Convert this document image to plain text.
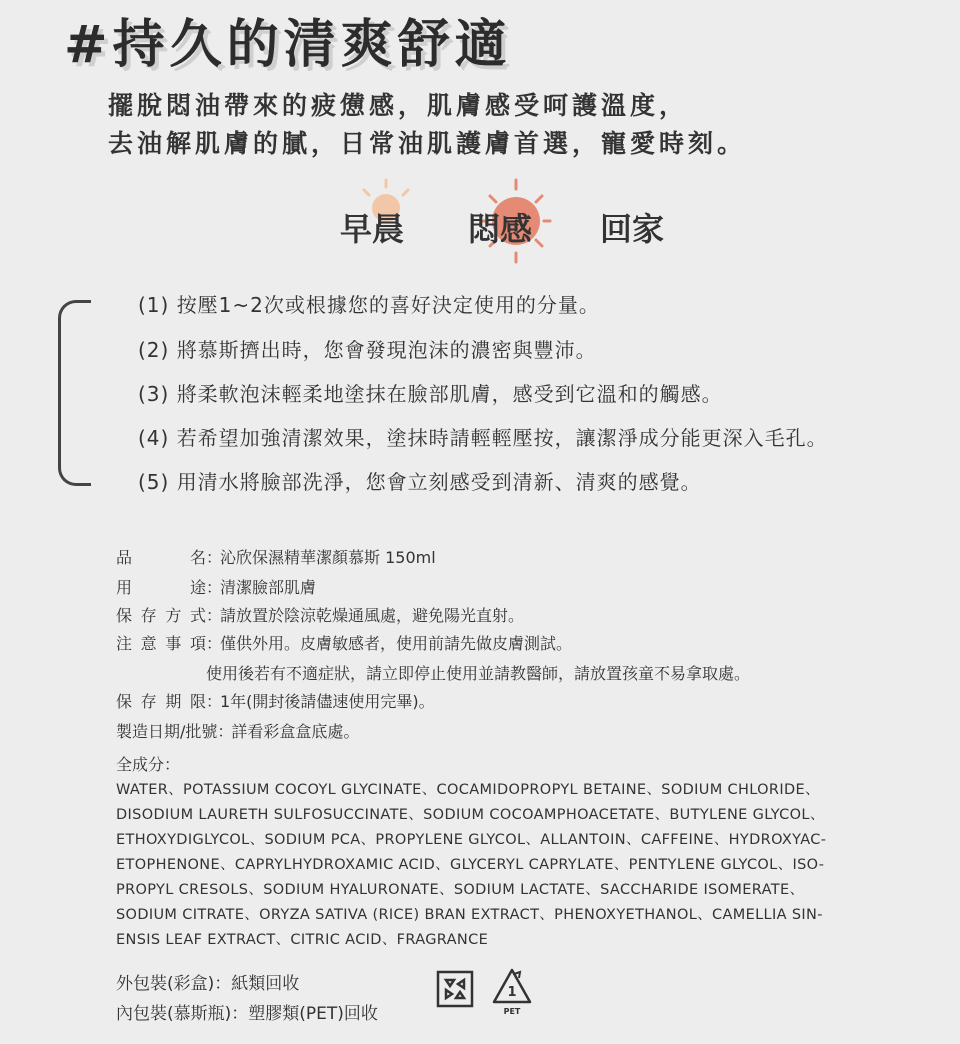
#持久的清爽舒適
擺脫悶油帶來的疲憊感，肌膚感受呵護溫度，
去油解肌膚的膩，日常油肌護膚首選，寵愛時刻。
早晨 悶感 回家
(1) 按壓1~2次或根據您的喜好決定使用的分量。
(2) 將慕斯擠出時，您會發現泡沫的濃密與豐沛。
(3) 將柔軟泡沫輕柔地塗抹在臉部肌膚，感受到它溫和的觸感。
(4) 若希望加強清潔效果，塗抹時請輕輕壓按，讓潔淨成分能更深入毛孔。
(5) 用清水將臉部洗淨，您會立刻感受到清新、清爽的感覺。
品名：沁欣保濕精華潔顏慕斯 150ml
用途：清潔臉部肌膚
保存方式：請放置於陰涼乾燥通風處，避免陽光直射。
注意事項：僅供外用。皮膚敏感者，使用前請先做皮膚測試。
使用後若有不適症狀，請立即停止使用並請教醫師，請放置孩童不易拿取處。
保存期限：1年(開封後請儘速使用完畢)。
製造日期/批號：詳看彩盒盒底處。
全成分：
WATER、POTASSIUM COCOYL GLYCINATE、COCAMIDOPROPYL BETAINE、SODIUM CHLORIDE、
DISODIUM LAURETH SULFOSUCCINATE、SODIUM COCOAMPHOACETATE、BUTYLENE GLYCOL、
ETHOXYDIGLYCOL、SODIUM PCA、PROPYLENE GLYCOL、ALLANTOIN、CAFFEINE、HYDROXYAC-
ETOPHENONE、CAPRYLHYDROXAMIC ACID、GLYCERYL CAPRYLATE、PENTYLENE GLYCOL、ISO-
PROPYL CRESOLS、SODIUM HYALURONATE、SODIUM LACTATE、SACCHARIDE ISOMERATE、
SODIUM CITRATE、ORYZA SATIVA (RICE) BRAN EXTRACT、PHENOXYETHANOL、CAMELLIA SIN-
ENSIS LEAF EXTRACT、CITRIC ACID、FRAGRANCE
外包裝(彩盒)：紙類回收
內包裝(慕斯瓶)：塑膠類(PET)回收
1
PET
